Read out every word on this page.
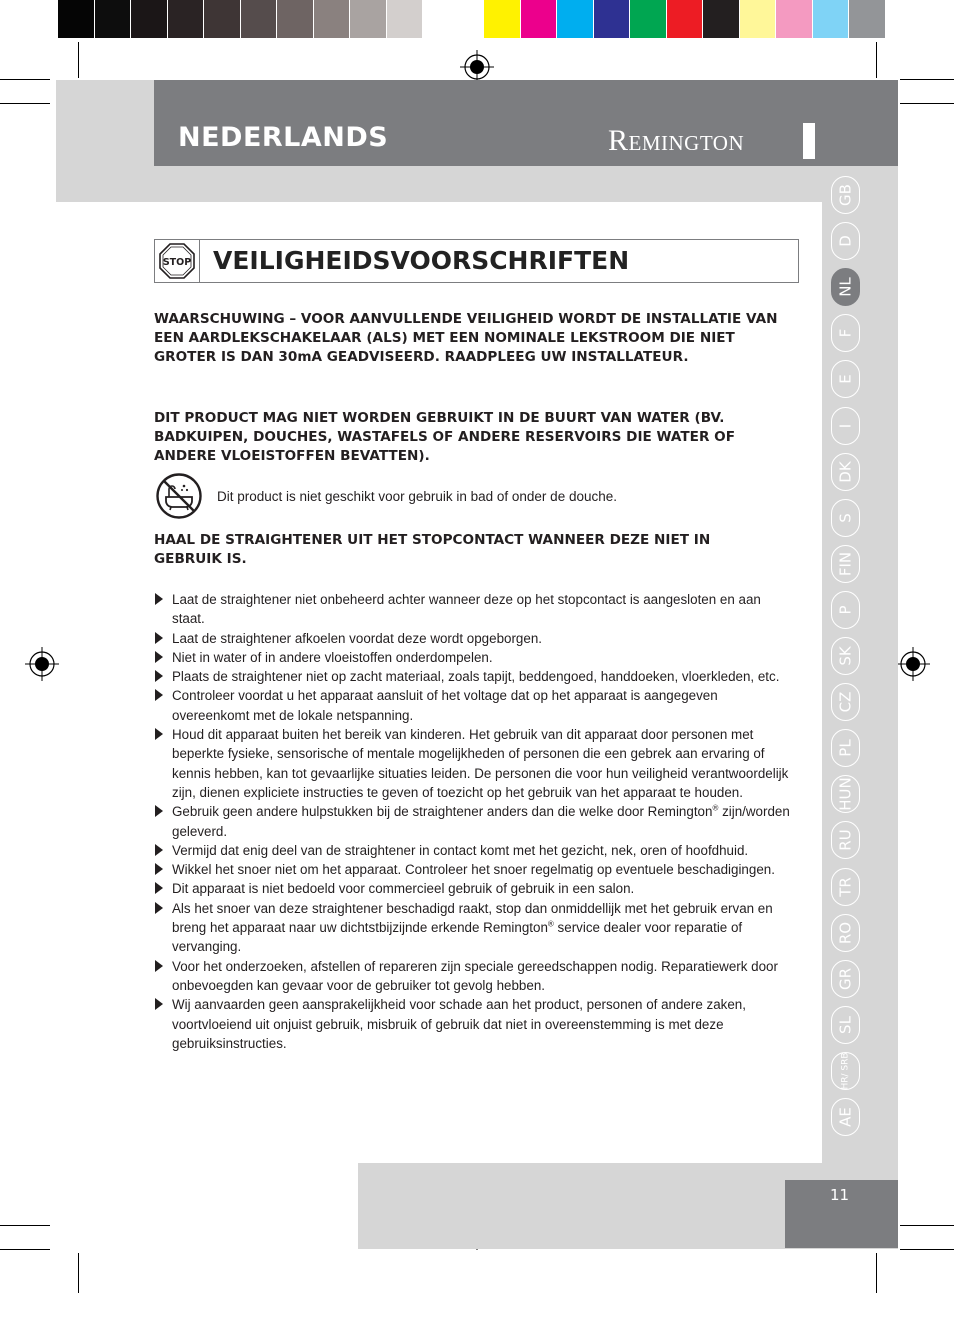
NEDERLANDS	Remington
GB
D
NL
F
E
I
DK
S
FIN
P
SK
CZ
PL
HUN
RU
TR
RO
GR
SL
HR/ SRB
AE
STOP VEILIGHEIDSVOORSCHRIFTEN
WAARSCHUWING – VOOR AANVULLENDE VEILIGHEID WORDT DE INSTALLATIE VAN EEN AARDLEKSCHAKELAAR (ALS) MET EEN NOMINALE LEKSTROOM DIE NIET GROTER IS DAN 30mA GEADVISEERD. RAADPLEEG UW INSTALLATEUR.
DIT PRODUCT MAG NIET WORDEN GEBRUIKT IN DE BUURT VAN WATER (BV. BADKUIPEN, DOUCHES, WASTAFELS OF ANDERE RESERVOIRS DIE WATER OF ANDERE VLOEISTOFFEN BEVATTEN).
Dit product is niet geschikt voor gebruik in bad of onder de douche.
HAAL DE STRAIGHTENER UIT HET STOPCONTACT WANNEER DEZE NIET IN GEBRUIK IS.
Laat de straightener niet onbeheerd achter wanneer deze op het stopcontact is aangesloten en aan staat.
Laat de straightener afkoelen voordat deze wordt opgeborgen.
Niet in water of in andere vloeistoffen onderdompelen.
Plaats de straightener niet op zacht materiaal, zoals tapijt, beddengoed, handdoeken, vloerkleden, etc.
Controleer voordat u het apparaat aansluit of het voltage dat op het apparaat is aangegeven overeenkomt met de lokale netspanning.
Houd dit apparaat buiten het bereik van kinderen. Het gebruik van dit apparaat door personen met beperkte fysieke, sensorische of mentale mogelijkheden of personen die een gebrek aan ervaring of kennis hebben, kan tot gevaarlijke situaties leiden. De personen die voor hun veiligheid verantwoordelijk zijn, dienen expliciete instructies te geven of toezicht op het gebruik van het apparaat te houden.
Gebruik geen andere hulpstukken bij de straightener anders dan die welke door Remington® zijn/worden geleverd.
Vermijd dat enig deel van de straightener in contact komt met het gezicht, nek, oren of hoofdhuid.
Wikkel het snoer niet om het apparaat. Controleer het snoer regelmatig op eventuele beschadigingen.
Dit apparaat is niet bedoeld voor commercieel gebruik of gebruik in een salon.
Als het snoer van deze straightener beschadigd raakt, stop dan onmiddellijk met het gebruik ervan en breng het apparaat naar uw dichtstbijzijnde erkende Remington® service dealer voor reparatie of vervanging.
Voor het onderzoeken, afstellen of repareren zijn speciale gereedschappen nodig. Reparatiewerk door onbevoegden kan gevaar voor de gebruiker tot gevolg hebben.
Wij aanvaarden geen aansprakelijkheid voor schade aan het product, personen of andere zaken, voortvloeiend uit onjuist gebruik, misbruik of gebruik dat niet in overeenstemming is met deze gebruiksinstructies.
11
